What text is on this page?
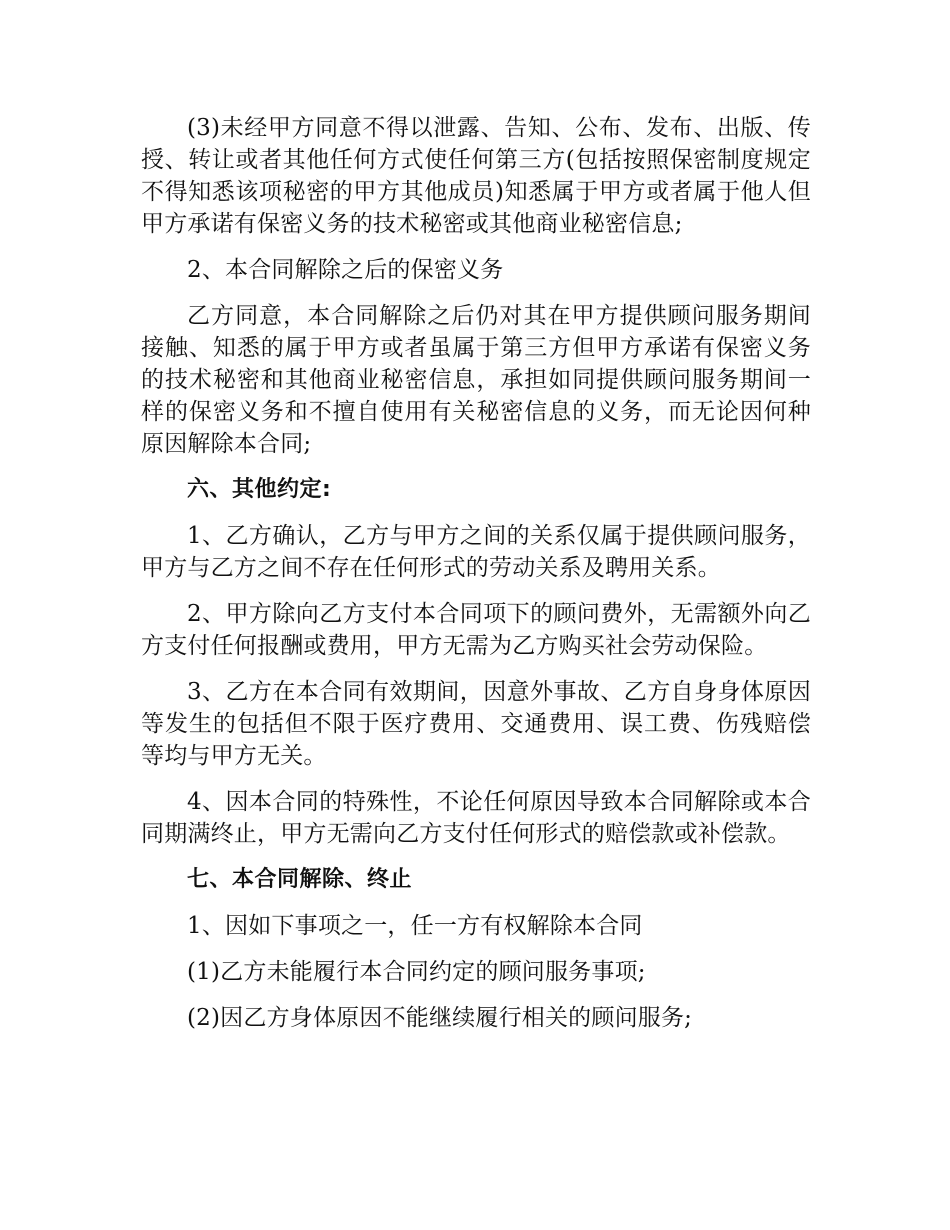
(3)未经甲方同意不得以泄露、告知、公布、发布、出版、传授、转让或者其他任何方式使任何第三方(包括按照保密制度规定不得知悉该项秘密的甲方其他成员)知悉属于甲方或者属于他人但甲方承诺有保密义务的技术秘密或其他商业秘密信息;

2、本合同解除之后的保密义务

乙方同意，本合同解除之后仍对其在甲方提供顾问服务期间接触、知悉的属于甲方或者虽属于第三方但甲方承诺有保密义务的技术秘密和其他商业秘密信息，承担如同提供顾问服务期间一样的保密义务和不擅自使用有关秘密信息的义务，而无论因何种原因解除本合同;

六、其他约定:

1、乙方确认，乙方与甲方之间的关系仅属于提供顾问服务，甲方与乙方之间不存在任何形式的劳动关系及聘用关系。

2、甲方除向乙方支付本合同项下的顾问费外，无需额外向乙方支付任何报酬或费用，甲方无需为乙方购买社会劳动保险。

3、乙方在本合同有效期间，因意外事故、乙方自身身体原因等发生的包括但不限于医疗费用、交通费用、误工费、伤残赔偿等均与甲方无关。

4、因本合同的特殊性，不论任何原因导致本合同解除或本合同期满终止，甲方无需向乙方支付任何形式的赔偿款或补偿款。

七、本合同解除、终止

1、因如下事项之一，任一方有权解除本合同

(1)乙方未能履行本合同约定的顾问服务事项;

(2)因乙方身体原因不能继续履行相关的顾问服务;
